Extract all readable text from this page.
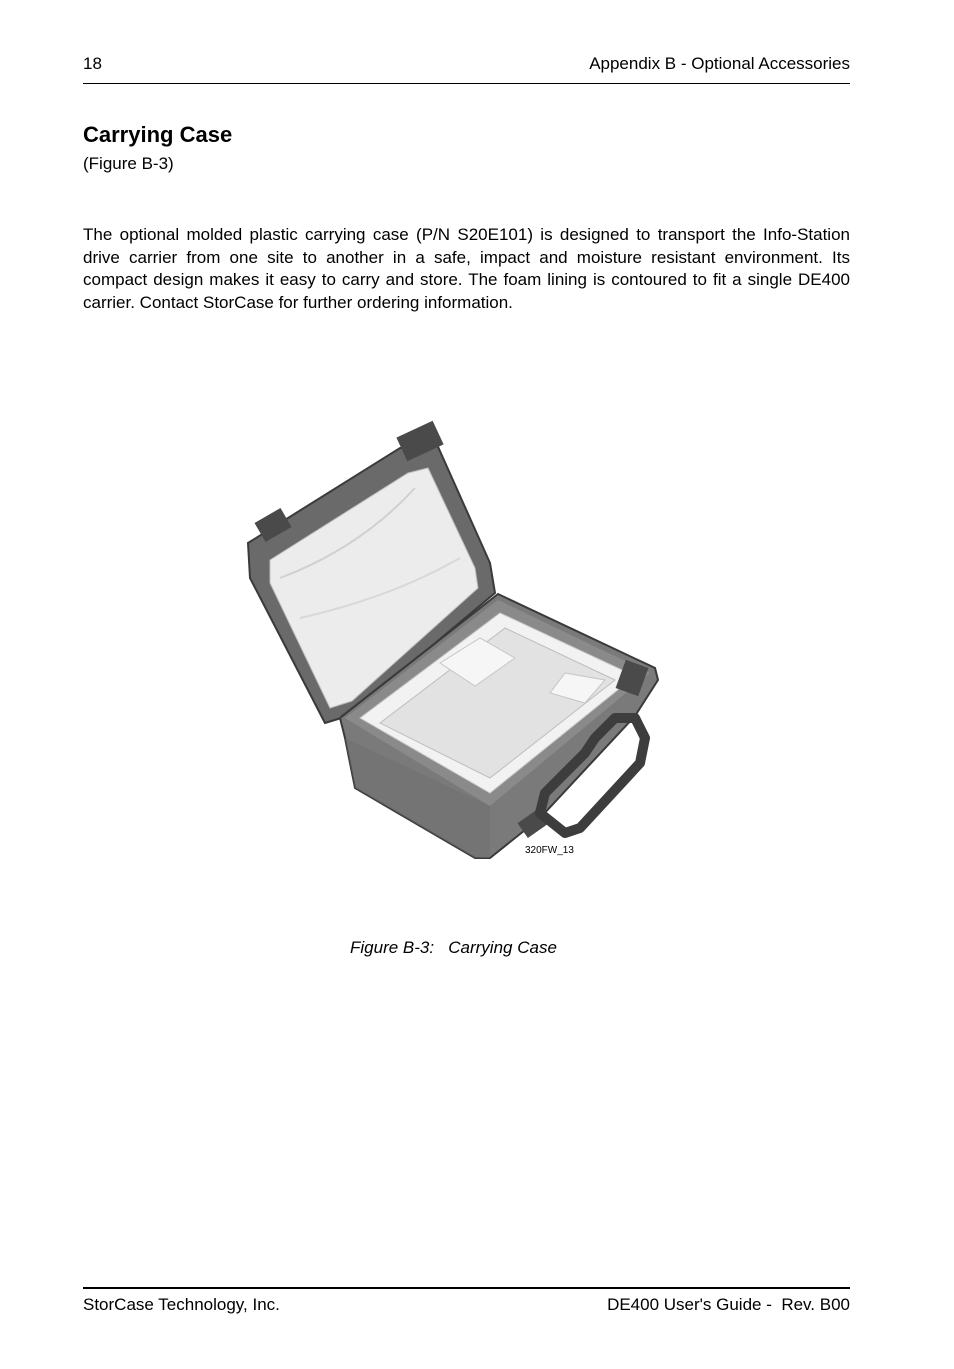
18	Appendix B - Optional Accessories
Carrying Case
(Figure B-3)

The optional molded plastic carrying case (P/N S20E101) is designed to transport the Info-Station drive carrier from one site to another in a safe, impact and moisture resistant environment. Its compact design makes it easy to carry and store. The foam lining is contoured to fit a single DE400 carrier. Contact StorCase for further ordering information.

320FW_13
Figure B-3:   Carrying Case
StorCase Technology, Inc.	DE400 User's Guide -  Rev. B00
